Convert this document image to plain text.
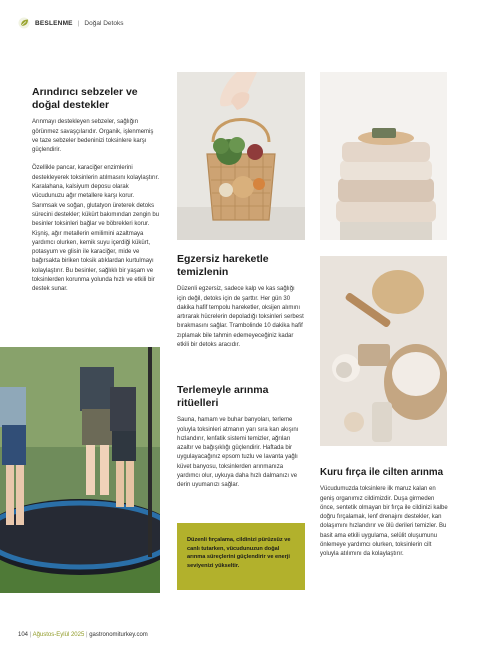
BESLENME | Doğal Detoks
Arındırıcı sebzeler ve
doğal destekler

Arınmayı destekleyen sebzeler, sağlığın görünmez savaşçılarıdır. Organik, işlenmemiş ve taze sebzeler bedeninizi toksinlere karşı güçlendirir.

Özellikle pancar, karaciğer enzimlerini destekleyerek toksinlerin atılmasını kolaylaştırır. Karalahana, kalsiyum deposu olarak vücudunuzu ağır metallere karşı korur. Sarımsak ve soğan, glutatyon üreterek detoks sürecini destekler; kükürt bakımından zengin bu besinler toksinleri bağlar ve böbrekleri korur. Kişniş, ağır metallerin emilimini azaltmaya yardımcı olurken, kemik suyu içerdiği kükürt, potasyum ve glisin ile karaciğer, mide ve bağırsakta biriken toksik atıklardan kurtulmayı kolaylaştırır. Bu besinler, sağlıklı bir yaşam ve toksinlerden korunma yolunda hızlı ve etkili bir destek sunar.

Egzersiz hareketle
temizlenin

Düzenli egzersiz, sadece kalp ve kas sağlığı için değil, detoks için de şarttır. Her gün 30 dakika hafif tempolu hareketler, oksijen alımını artırarak hücrelerin depoladığı toksinleri serbest bırakmasını sağlar. Trambolinde 10 dakika hafif zıplamak bile tahmin edemeyeceğiniz kadar etkili bir detoks aracıdır.

Terlemeyle arınma
ritüelleri

Sauna, hamam ve buhar banyoları, terleme yoluyla toksinleri atmanın yarı sıra kan akışını hızlandırır, lenfatik sistemi temizler, ağrıları azaltır ve bağışıklığı güçlendirir. Haftada bir uygulayacağınız epsom tuzlu ve lavanta yağlı küvet banyosu, toksinlerden arınmanıza yardımcı olur, uykuya daha hızlı dalmanızı ve derin uyumanızı sağlar.

Kuru fırça ile cilten arınma

Vücudumuzda toksinlere ilk maruz kalan en geniş organımız cildimizdir. Duşa girmeden önce, sentetik olmayan bir fırça ile cildinizi kalbe doğru fırçalamak, lenf drenajını destekler, kan dolaşımını hızlandırır ve ölü derileri temizler. Bu basit ama etkili uygulama, selülit oluşumunu önlemeye yardımcı olurken, toksinlerin cilt yoluyla atılımını da kolaylaştırır.

Düzenli fırçalama, cildinizi pürüzsüz ve canlı tutarken, vücudunuzun doğal arınma süreçlerini güçlendirir ve enerji seviyenizi yükseltir.
104 | Ağustos-Eylül 2025 | gastronomiturkey.com
